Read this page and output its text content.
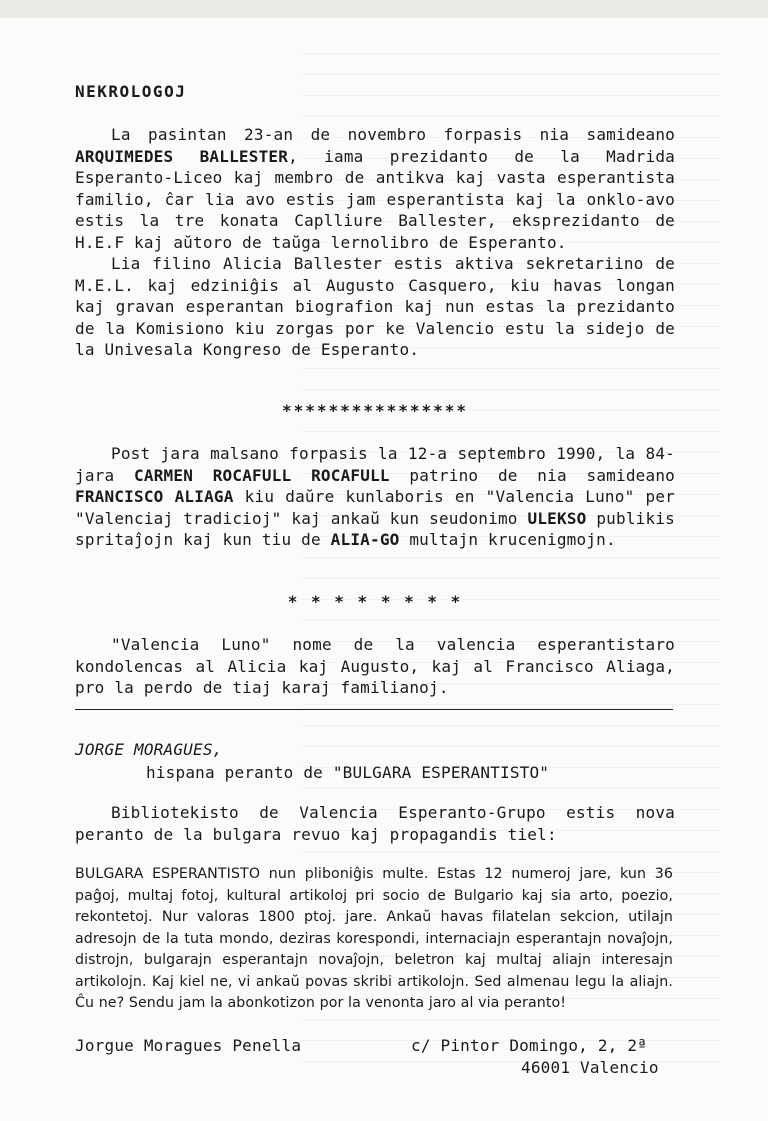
NEKROLOGOJ

La pasintan 23-an de novembro forpasis nia samideano ARQUIMEDES BALLESTER, iama prezidanto de la Madrida Esperanto-Liceo kaj membro de antikva kaj vasta esperantista familio, ĉar lia avo estis jam esperantista kaj la onklo-avo estis la tre konata Caplliure Ballester, eksprezidanto de H.E.F kaj aŭtoro de taŭga lernolibro de Esperanto.

Lia filino Alicia Ballester estis aktiva sekretariino de M.E.L. kaj edziniĝis al Augusto Casquero, kiu havas longan kaj gravan esperantan biografion kaj nun estas la prezidanto de la Komisiono kiu zorgas por ke Valencio estu la sidejo de la Univesala Kongreso de Esperanto.

****************

Post jara malsano forpasis la 12-a septembro 1990, la 84-jara CARMEN ROCAFULL ROCAFULL patrino de nia samideano FRANCISCO ALIAGA kiu daŭre kunlaboris en "Valencia Luno" per "Valenciaj tradicioj" kaj ankaŭ kun seudonimo ULEKSO publikis spritaĵojn kaj kun tiu de ALIA-GO multajn krucenigmojn.

* * * * * * * *

"Valencia Luno" nome de la valencia esperantistaro kondolencas al Alicia kaj Augusto, kaj al Francisco Aliaga, pro la perdo de tiaj karaj familianoj.

JORGE MORAGUES,
hispana peranto de "BULGARA ESPERANTISTO"

Bibliotekisto de Valencia Esperanto-Grupo estis nova peranto de la bulgara revuo kaj propagandis tiel:

BULGARA ESPERANTISTO nun pliboniĝis multe. Estas 12 numeroj jare, kun 36 paĝoj, multaj fotoj, kultural artikoloj pri socio de Bulgario kaj sia arto, poezio, rekontetoj. Nur valoras 1800 ptoj. jare. Ankaŭ havas filatelan sekcion, utilajn adresojn de la tuta mondo, deziras korespondi, internaciajn esperantajn novaĵojn, distrojn, bulgarajn esperantajn novaĵojn, beletron kaj multaj aliajn interesajn artikolojn. Kaj kiel ne, vi ankaŭ povas skribi artikolojn. Sed almenau legu la aliajn. Ĉu ne? Sendu jam la abonkotizon por la venonta jaro al via peranto!

Jorgue Moragues Penella	c/ Pintor Domingo, 2, 2ª
46001 Valencio
